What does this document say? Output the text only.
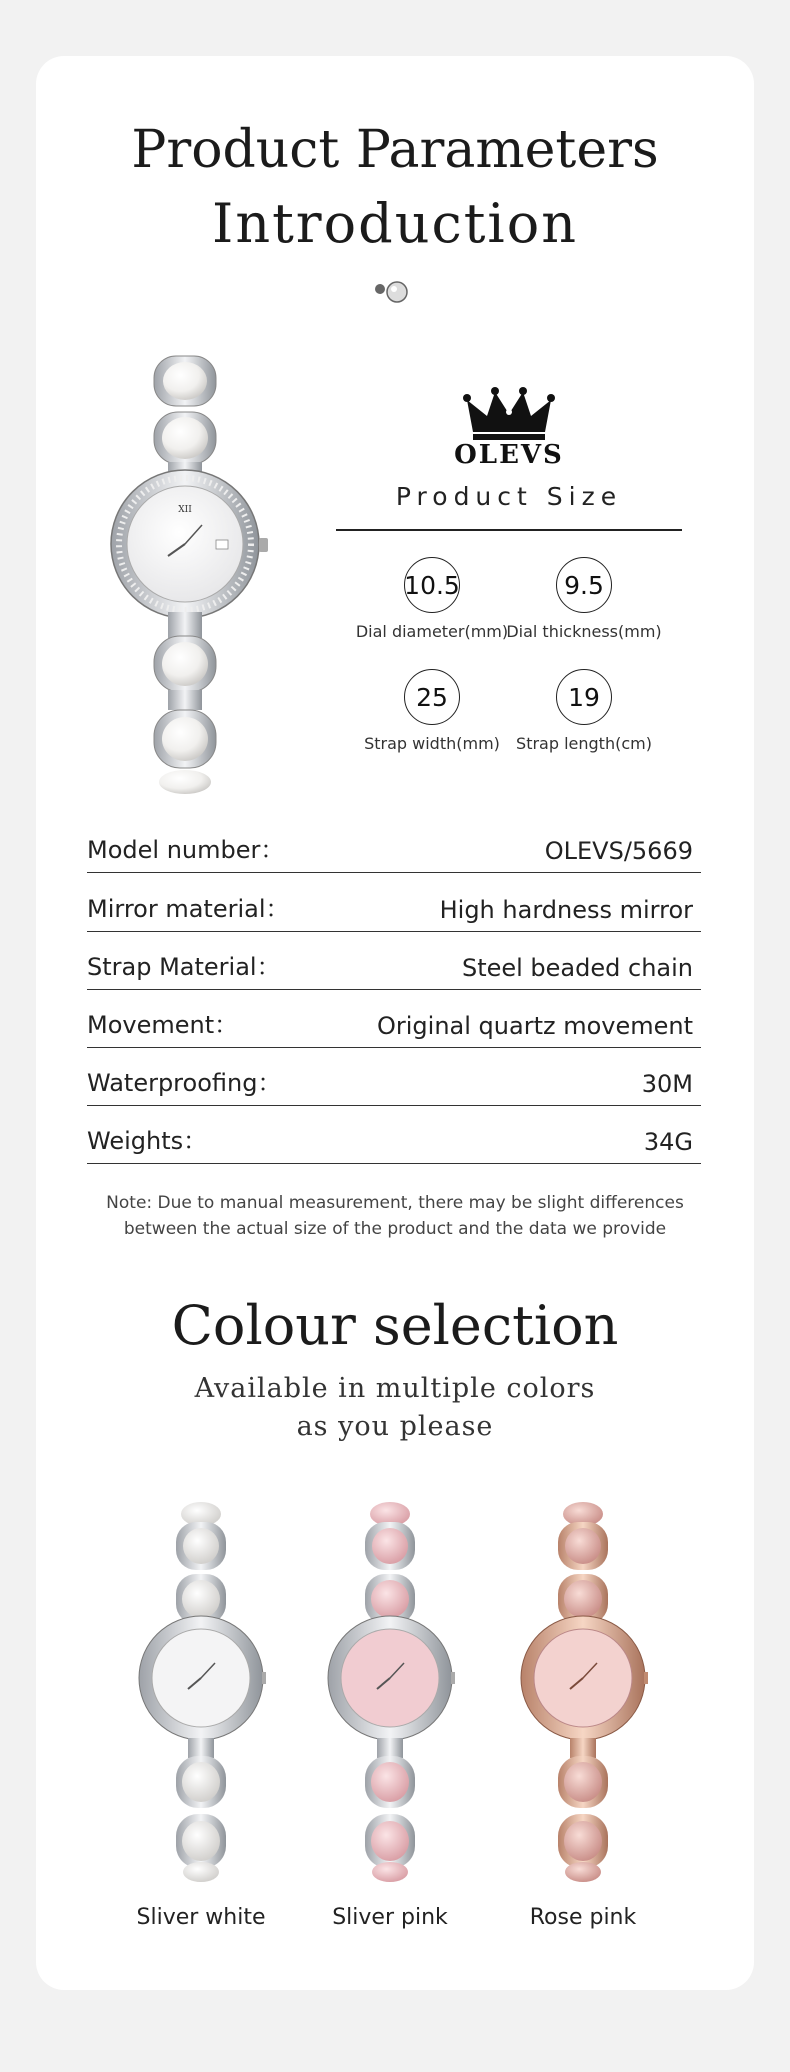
Product Parameters
Introduction
XII
OLEVS
Product Size
10.5
Dial diameter(mm)
9.5
Dial thickness(mm)
25
Strap width(mm)
19
Strap length(cm)
Model number：	OLEVS/5669
Mirror material：	High hardness mirror
Strap Material：	Steel beaded chain
Movement：	Original quartz movement
Waterproofing：	30M
Weights：	34G
Note: Due to manual measurement, there may be slight differences
between the actual size of the product and the data we provide
Colour selection
Available in multiple colors
as you please
Sliver white	Sliver pink	Rose pink
